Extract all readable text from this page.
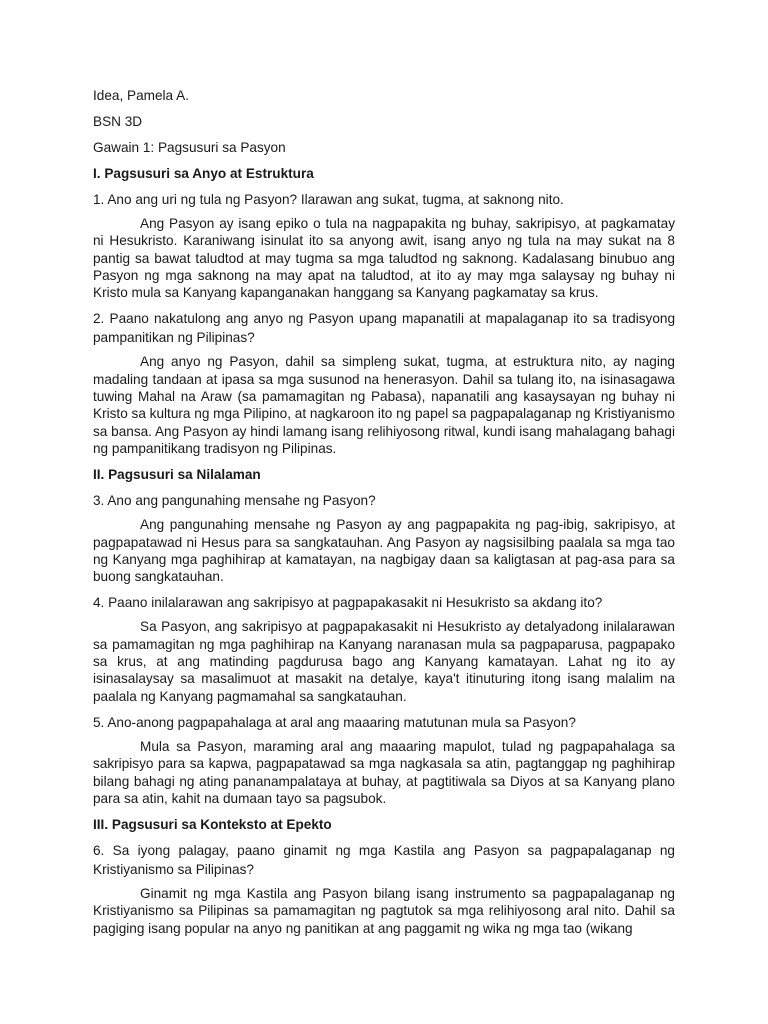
Idea, Pamela A.
BSN 3D
Gawain 1: Pagsusuri sa Pasyon
I. Pagsusuri sa Anyo at Estruktura
1. Ano ang uri ng tula ng Pasyon? Ilarawan ang sukat, tugma, at saknong nito.
Ang Pasyon ay isang epiko o tula na nagpapakita ng buhay, sakripisyo, at pagkamatay ni Hesukristo. Karaniwang isinulat ito sa anyong awit, isang anyo ng tula na may sukat na 8 pantig sa bawat taludtod at may tugma sa mga taludtod ng saknong. Kadalasang binubuo ang Pasyon ng mga saknong na may apat na taludtod, at ito ay may mga salaysay ng buhay ni Kristo mula sa Kanyang kapanganakan hanggang sa Kanyang pagkamatay sa krus.
2. Paano nakatulong ang anyo ng Pasyon upang mapanatili at mapalaganap ito sa tradisyong pampanitikan ng Pilipinas?
Ang anyo ng Pasyon, dahil sa simpleng sukat, tugma, at estruktura nito, ay naging madaling tandaan at ipasa sa mga susunod na henerasyon. Dahil sa tulang ito, na isinasagawa tuwing Mahal na Araw (sa pamamagitan ng Pabasa), napanatili ang kasaysayan ng buhay ni Kristo sa kultura ng mga Pilipino, at nagkaroon ito ng papel sa pagpapalaganap ng Kristiyanismo sa bansa. Ang Pasyon ay hindi lamang isang relihiyosong ritwal, kundi isang mahalagang bahagi ng pampanitikang tradisyon ng Pilipinas.
II. Pagsusuri sa Nilalaman
3. Ano ang pangunahing mensahe ng Pasyon?
Ang pangunahing mensahe ng Pasyon ay ang pagpapakita ng pag-ibig, sakripisyo, at pagpapatawad ni Hesus para sa sangkatauhan. Ang Pasyon ay nagsisilbing paalala sa mga tao ng Kanyang mga paghihirap at kamatayan, na nagbigay daan sa kaligtasan at pag-asa para sa buong sangkatauhan.
4. Paano inilalarawan ang sakripisyo at pagpapakasakit ni Hesukristo sa akdang ito?
Sa Pasyon, ang sakripisyo at pagpapakasakit ni Hesukristo ay detalyadong inilalarawan sa pamamagitan ng mga paghihirap na Kanyang naranasan mula sa pagpaparusa, pagpapako sa krus, at ang matinding pagdurusa bago ang Kanyang kamatayan. Lahat ng ito ay isinasalaysay sa masalimuot at masakit na detalye, kaya't itinuturing itong isang malalim na paalala ng Kanyang pagmamahal sa sangkatauhan.
5. Ano-anong pagpapahalaga at aral ang maaaring matutunan mula sa Pasyon?
Mula sa Pasyon, maraming aral ang maaaring mapulot, tulad ng pagpapahalaga sa sakripisyo para sa kapwa, pagpapatawad sa mga nagkasala sa atin, pagtanggap ng paghihirap bilang bahagi ng ating pananampalataya at buhay, at pagtitiwala sa Diyos at sa Kanyang plano para sa atin, kahit na dumaan tayo sa pagsubok.
III. Pagsusuri sa Konteksto at Epekto
6. Sa iyong palagay, paano ginamit ng mga Kastila ang Pasyon sa pagpapalaganap ng Kristiyanismo sa Pilipinas?
Ginamit ng mga Kastila ang Pasyon bilang isang instrumento sa pagpapalaganap ng Kristiyanismo sa Pilipinas sa pamamagitan ng pagtutok sa mga relihiyosong aral nito. Dahil sa pagiging isang popular na anyo ng panitikan at ang paggamit ng wika ng mga tao (wikang
